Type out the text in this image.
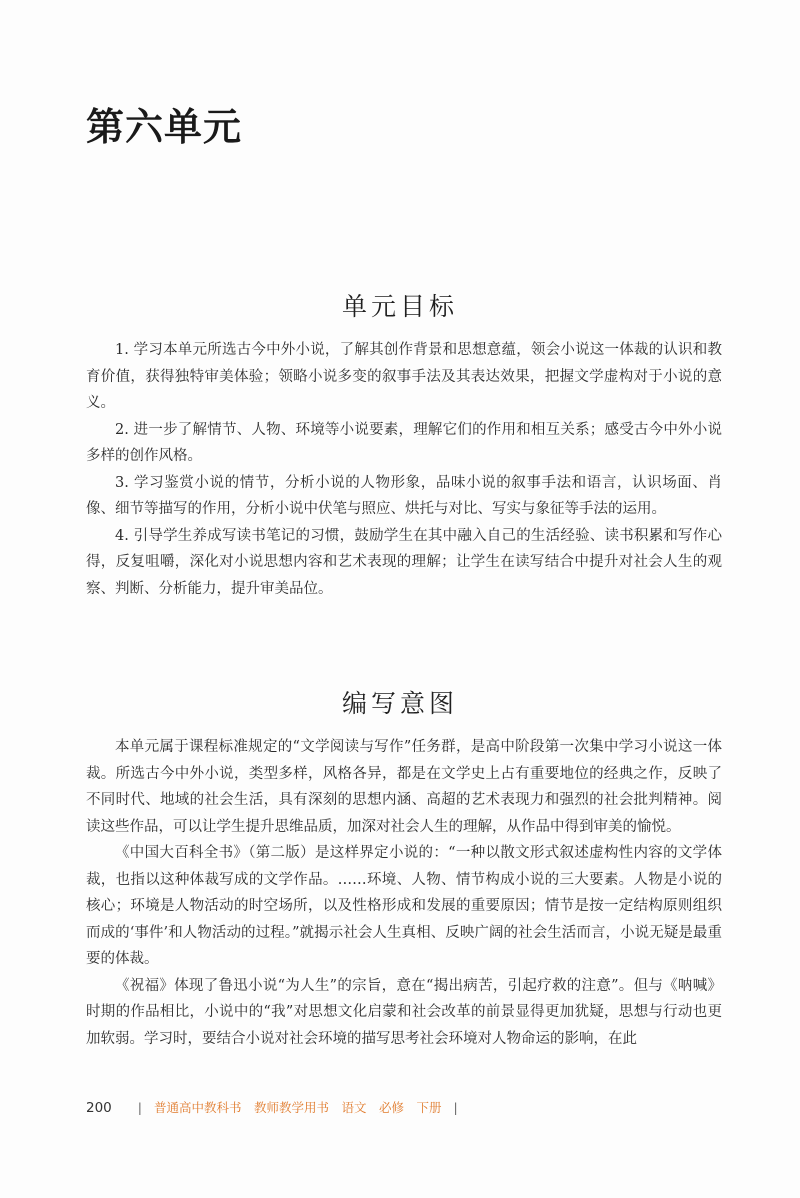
第六单元
单元目标

1. 学习本单元所选古今中外小说，了解其创作背景和思想意蕴，领会小说这一体裁的认识和教育价值，获得独特审美体验；领略小说多变的叙事手法及其表达效果，把握文学虚构对于小说的意义。

2. 进一步了解情节、人物、环境等小说要素，理解它们的作用和相互关系；感受古今中外小说多样的创作风格。

3. 学习鉴赏小说的情节，分析小说的人物形象，品味小说的叙事手法和语言，认识场面、肖像、细节等描写的作用，分析小说中伏笔与照应、烘托与对比、写实与象征等手法的运用。

4. 引导学生养成写读书笔记的习惯，鼓励学生在其中融入自己的生活经验、读书积累和写作心得，反复咀嚼，深化对小说思想内容和艺术表现的理解；让学生在读写结合中提升对社会人生的观察、判断、分析能力，提升审美品位。

编写意图

本单元属于课程标准规定的“文学阅读与写作”任务群，是高中阶段第一次集中学习小说这一体裁。所选古今中外小说，类型多样，风格各异，都是在文学史上占有重要地位的经典之作，反映了不同时代、地域的社会生活，具有深刻的思想内涵、高超的艺术表现力和强烈的社会批判精神。阅读这些作品，可以让学生提升思维品质，加深对社会人生的理解，从作品中得到审美的愉悦。

《中国大百科全书》（第二版）是这样界定小说的：“一种以散文形式叙述虚构性内容的文学体裁，也指以这种体裁写成的文学作品。……环境、人物、情节构成小说的三大要素。人物是小说的核心；环境是人物活动的时空场所，以及性格形成和发展的重要原因；情节是按一定结构原则组织而成的‘事件’和人物活动的过程。”就揭示社会人生真相、反映广阔的社会生活而言，小说无疑是最重要的体裁。

《祝福》体现了鲁迅小说“为人生”的宗旨，意在“揭出病苦，引起疗救的注意”。但与《呐喊》时期的作品相比，小说中的“我”对思想文化启蒙和社会改革的前景显得更加犹疑，思想与行动也更加软弱。学习时，要结合小说对社会环境的描写思考社会环境对人物命运的影响，在此

200 | 普通高中教科书　教师教学用书　语文　必修　下册 |
